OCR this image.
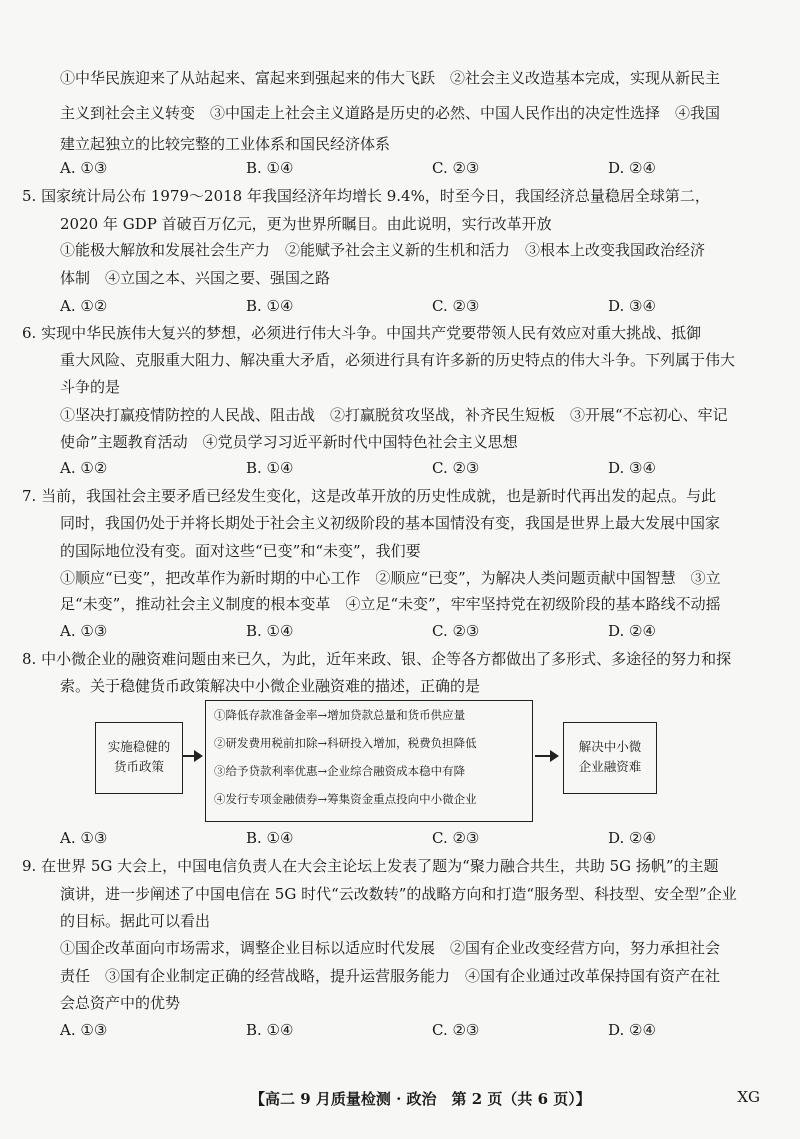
①中华民族迎来了从站起来、富起来到强起来的伟大飞跃　②社会主义改造基本完成，实现从新民主
主义到社会主义转变　③中国走上社会主义道路是历史的必然、中国人民作出的决定性选择　④我国
建立起独立的比较完整的工业体系和国民经济体系
A. ①③	B. ①④	C. ②③	D. ②④
5. 国家统计局公布 1979～2018 年我国经济年均增长 9.4%，时至今日，我国经济总量稳居全球第二，
2020 年 GDP 首破百万亿元，更为世界所瞩目。由此说明，实行改革开放
①能极大解放和发展社会生产力　②能赋予社会主义新的生机和活力　③根本上改变我国政治经济
体制　④立国之本、兴国之要、强国之路
A. ①②	B. ①④	C. ②③	D. ③④
6. 实现中华民族伟大复兴的梦想，必须进行伟大斗争。中国共产党要带领人民有效应对重大挑战、抵御
重大风险、克服重大阻力、解决重大矛盾，必须进行具有许多新的历史特点的伟大斗争。下列属于伟大
斗争的是
①坚决打赢疫情防控的人民战、阻击战　②打赢脱贫攻坚战，补齐民生短板　③开展“不忘初心、牢记
使命”主题教育活动　④党员学习习近平新时代中国特色社会主义思想
A. ①②	B. ①④	C. ②③	D. ③④
7. 当前，我国社会主要矛盾已经发生变化，这是改革开放的历史性成就，也是新时代再出发的起点。与此
同时，我国仍处于并将长期处于社会主义初级阶段的基本国情没有变，我国是世界上最大发展中国家
的国际地位没有变。面对这些“已变”和“未变”，我们要
①顺应“已变”，把改革作为新时期的中心工作　②顺应“已变”，为解决人类问题贡献中国智慧　③立
足“未变”，推动社会主义制度的根本变革　④立足“未变”，牢牢坚持党在初级阶段的基本路线不动摇
A. ①③	B. ①④	C. ②③	D. ②④
8. 中小微企业的融资难问题由来已久，为此，近年来政、银、企等各方都做出了多形式、多途径的努力和探
索。关于稳健货币政策解决中小微企业融资难的描述，正确的是
实施稳健的
货币政策
①降低存款准备金率→增加贷款总量和货币供应量
②研发费用税前扣除→科研投入增加，税费负担降低
③给予贷款利率优惠→企业综合融资成本稳中有降
④发行专项金融债券→筹集资金重点投向中小微企业
解决中小微
企业融资难
A. ①③	B. ①④	C. ②③	D. ②④
9. 在世界 5G 大会上，中国电信负责人在大会主论坛上发表了题为“聚力融合共生，共助 5G 扬帆”的主题
演讲，进一步阐述了中国电信在 5G 时代“云改数转”的战略方向和打造“服务型、科技型、安全型”企业
的目标。据此可以看出
①国企改革面向市场需求，调整企业目标以适应时代发展　②国有企业改变经营方向，努力承担社会
责任　③国有企业制定正确的经营战略，提升运营服务能力　④国有企业通过改革保持国有资产在社
会总资产中的优势
A. ①③	B. ①④	C. ②③	D. ②④
【高二 9 月质量检测 · 政治　第 2 页（共 6 页）】	XG
